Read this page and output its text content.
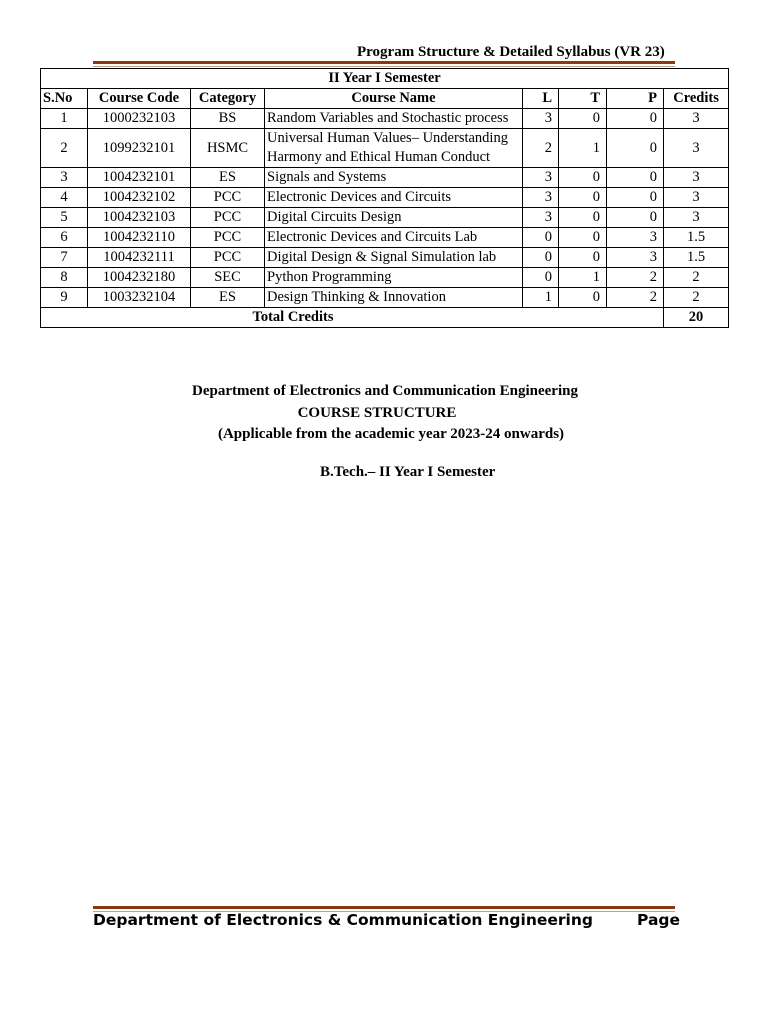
Program Structure & Detailed Syllabus (VR 23)
II Year I Semester							
S.No	Course Code	Category	Course Name	L	T	P	Credits
1	1000232103	BS	Random Variables and Stochastic process	3	0	0	3
2	1099232101	HSMC	Universal Human Values– Understanding Harmony and Ethical Human Conduct	2	1	0	3
3	1004232101	ES	Signals and Systems	3	0	0	3
4	1004232102	PCC	Electronic Devices and Circuits	3	0	0	3
5	1004232103	PCC	Digital Circuits Design	3	0	0	3
6	1004232110	PCC	Electronic Devices and Circuits Lab	0	0	3	1.5
7	1004232111	PCC	Digital Design & Signal Simulation lab	0	0	3	1.5
8	1004232180	SEC	Python Programming	0	1	2	2
9	1003232104	ES	Design Thinking & Innovation	1	0	2	2
Total Credits							20
Department of Electronics and Communication Engineering
COURSE STRUCTURE
(Applicable from the academic year 2023-24 onwards)
B.Tech.– II Year I Semester
Department of Electronics & Communication Engineering	Page
